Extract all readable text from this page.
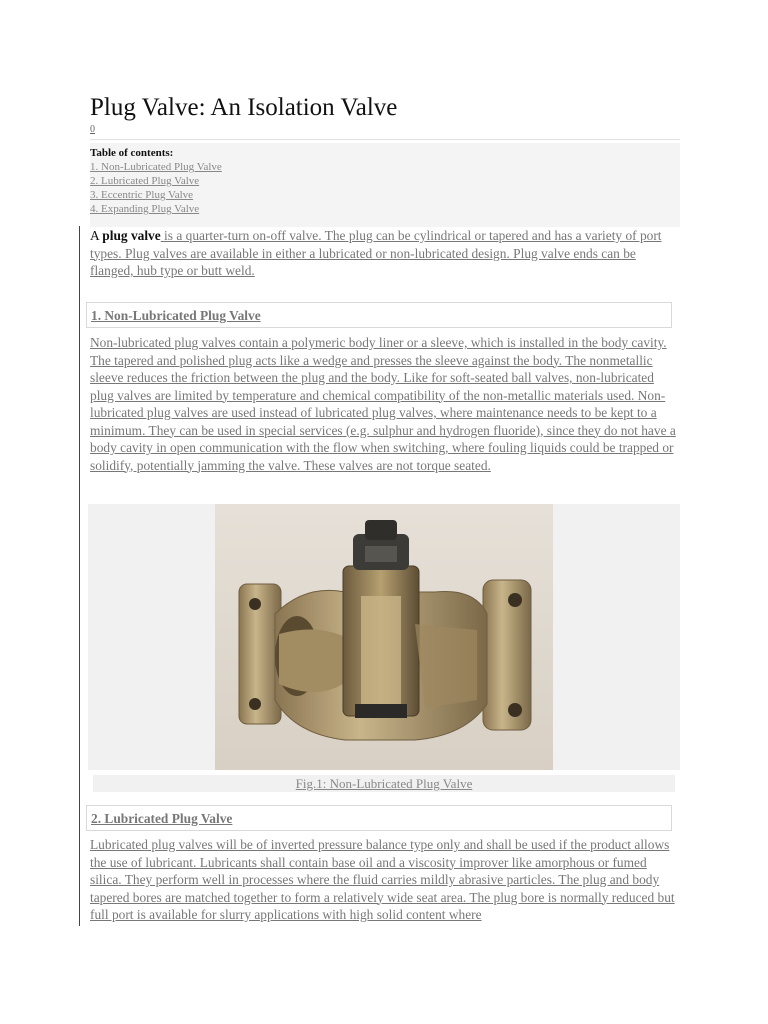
Plug Valve: An Isolation Valve
0
Table of contents:
1. Non-Lubricated Plug Valve
2. Lubricated Plug Valve
3. Eccentric Plug Valve
4. Expanding Plug Valve

A plug valve is a quarter-turn on-off valve. The plug can be cylindrical or tapered and has a variety of port types. Plug valves are available in either a lubricated or non-lubricated design. Plug valve ends can be flanged, hub type or butt weld.

1. Non-Lubricated Plug Valve

Non-lubricated plug valves contain a polymeric body liner or a sleeve, which is installed in the body cavity. The tapered and polished plug acts like a wedge and presses the sleeve against the body. The nonmetallic sleeve reduces the friction between the plug and the body. Like for soft-seated ball valves, non-lubricated plug valves are limited by temperature and chemical compatibility of the non-metallic materials used. Non-lubricated plug valves are used instead of lubricated plug valves, where maintenance needs to be kept to a minimum. They can be used in special services (e.g. sulphur and hydrogen fluoride), since they do not have a body cavity in open communication with the flow when switching, where fouling liquids could be trapped or solidify, potentially jamming the valve. These valves are not torque seated.

Fig.1: Non-Lubricated Plug Valve
2. Lubricated Plug Valve

Lubricated plug valves will be of inverted pressure balance type only and shall be used if the product allows the use of lubricant. Lubricants shall contain base oil and a viscosity improver like amorphous or fumed silica. They perform well in processes where the fluid carries mildly abrasive particles. The plug and body tapered bores are matched together to form a relatively wide seat area. The plug bore is normally reduced but full port is available for slurry applications with high solid content where
